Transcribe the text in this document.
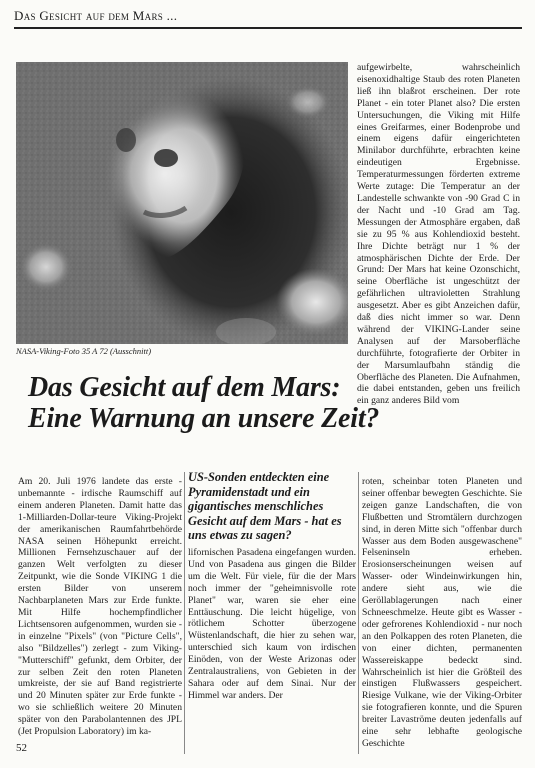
Das Gesicht auf dem Mars ...
NASA-Viking-Foto 35 A 72 (Ausschnitt)

aufgewirbelte, wahrscheinlich eisenoxidhaltige Staub des roten Planeten ließ ihn blaßrot erscheinen. Der rote Planet - ein toter Planet also? Die ersten Untersuchungen, die Viking mit Hilfe eines Greifarmes, einer Bodenprobe und einem eigens dafür eingerichteten Minilabor durchführte, erbrachten keine eindeutigen Ergebnisse. Temperaturmessungen förderten extreme Werte zutage: Die Temperatur an der Landestelle schwankte von -90 Grad C in der Nacht und -10 Grad am Tag. Messungen der Atmosphäre ergaben, daß sie zu 95 % aus Kohlendioxid besteht. Ihre Dichte beträgt nur 1 % der atmosphärischen Dichte der Erde. Der Grund: Der Mars hat keine Ozonschicht, seine Oberfläche ist ungeschützt der gefährlichen ultravioletten Strahlung ausgesetzt. Aber es gibt Anzeichen dafür, daß dies nicht immer so war. Denn während der VIKING-Lander seine Analysen auf der Marsoberfläche durchführte, fotografierte der Orbiter in der Marsumlaufbahn ständig die Oberfläche des Planeten. Die Aufnahmen, die dabei entstanden, geben uns freilich ein ganz anderes Bild vom

Das Gesicht auf dem Mars:
Eine Warnung an unsere Zeit?

Am 20. Juli 1976 landete das erste - unbemannte - irdische Raumschiff auf einem anderen Planeten. Damit hatte das 1-Milliarden-Dollar-teure Viking-Projekt der amerikanischen Raumfahrtbehörde NASA seinen Höhepunkt erreicht. Millionen Fernsehzuschauer auf der ganzen Welt verfolgten zu dieser Zeitpunkt, wie die Sonde VIKING 1 die ersten Bilder von unserem Nachbarplaneten Mars zur Erde funkte. Mit Hilfe hochempfindlicher Lichtsensoren aufgenommen, wurden sie - in einzelne "Pixels" (von "Picture Cells", also "Bildzelles") zerlegt - zum Viking-"Mutterschiff" gefunkt, dem Orbiter, der zur selben Zeit den roten Planeten umkreiste, der sie auf Band registrierte und 20 Minuten später zur Erde funkte - wo sie schließlich weitere 20 Minuten später von den Parabolantennen des JPL (Jet Propulsion Laboratory) im ka-

US-Sonden entdeckten eine Pyramidenstadt und ein gigantisches menschliches Gesicht auf dem Mars - hat es uns etwas zu sagen?

lifornischen Pasadena eingefangen wurden. Und von Pasadena aus gingen die Bilder um die Welt. Für viele, für die der Mars noch immer der "geheimnisvolle rote Planet" war, waren sie eher eine Enttäuschung. Die leicht hügelige, von rötlichem Schotter überzogene Wüstenlandschaft, die hier zu sehen war, unterschied sich kaum von irdischen Einöden, von der Weste Arizonas oder Zentralaustraliens, von Gebieten in der Sahara oder auf dem Sinai. Nur der Himmel war anders. Der

roten, scheinbar toten Planeten und seiner offenbar bewegten Geschichte. Sie zeigen ganze Landschaften, die von Flußbetten und Stromtälern durchzogen sind, in deren Mitte sich "offenbar durch Wasser aus dem Boden ausgewaschene" Felseninseln erheben. Erosionserscheinungen weisen auf Wasser- oder Windeinwirkungen hin, andere sieht aus, wie die Geröllablagerungen nach einer Schneeschmelze. Heute gibt es Wasser - oder gefrorenes Kohlendioxid - nur noch an den Polkappen des roten Planeten, die von einer dichten, permanenten Wassereiskappe bedeckt sind. Wahrscheinlich ist hier die Größteil des einstigen Flußwassers gespeichert. Riesige Vulkane, wie der Viking-Orbiter sie fotografieren konnte, und die Spuren breiter Lavaströme deuten jedenfalls auf eine sehr lebhafte geologische Geschichte

52
